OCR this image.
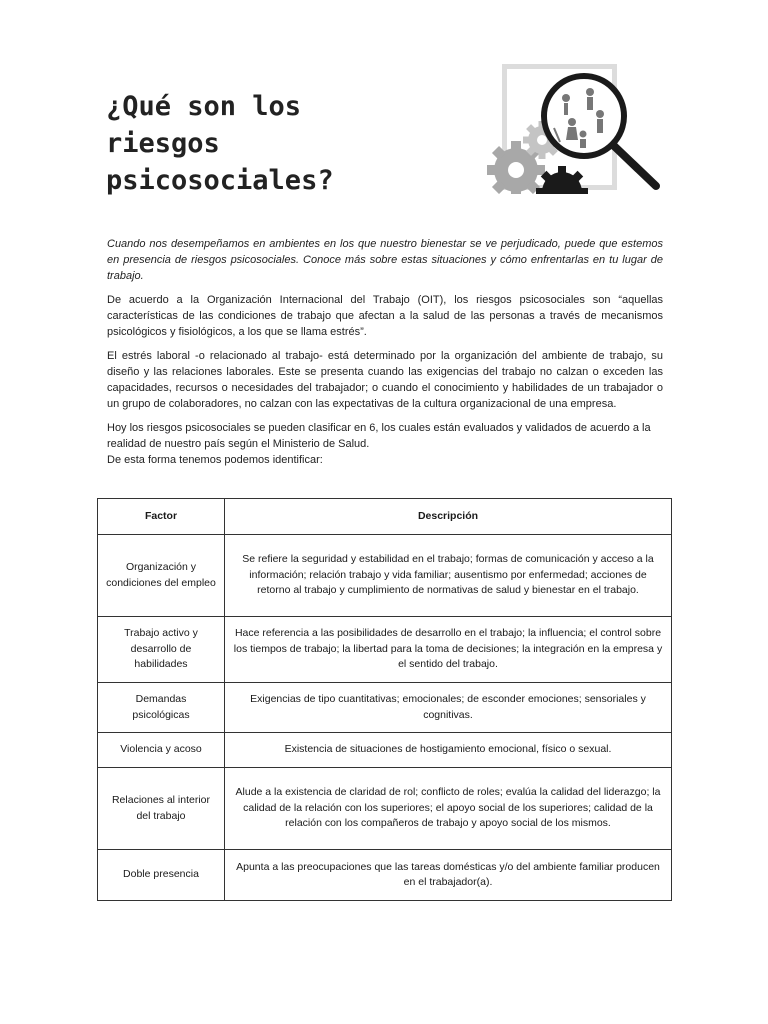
¿Qué son los
riesgos
psicosociales?

Cuando nos desempeñamos en ambientes en los que nuestro bienestar se ve perjudicado, puede que estemos en presencia de riesgos psicosociales. Conoce más sobre estas situaciones y cómo enfrentarlas en tu lugar de trabajo.

De acuerdo a la Organización Internacional del Trabajo (OIT), los riesgos psicosociales son “aquellas características de las condiciones de trabajo que afectan a la salud de las personas a través de mecanismos psicológicos y fisiológicos, a los que se llama estrés”.

El estrés laboral -o relacionado al trabajo- está determinado por la organización del ambiente de trabajo, su diseño y las relaciones laborales. Este se presenta cuando las exigencias del trabajo no calzan o exceden las capacidades, recursos o necesidades del trabajador; o cuando el conocimiento y habilidades de un trabajador o un grupo de colaboradores, no calzan con las expectativas de la cultura organizacional de una empresa.

Hoy los riesgos psicosociales se pueden clasificar en 6, los cuales están evaluados y validados de acuerdo a la realidad de nuestro país según el Ministerio de Salud.
De esta forma tenemos podemos identificar:

Factor	Descripción
Organización y condiciones del empleo	Se refiere la seguridad y estabilidad en el trabajo; formas de comunicación y acceso a la información; relación trabajo y vida familiar; ausentismo por enfermedad; acciones de retorno al trabajo y cumplimiento de normativas de salud y bienestar en el trabajo.
Trabajo activo y desarrollo de habilidades	Hace referencia a las posibilidades de desarrollo en el trabajo; la influencia; el control sobre los tiempos de trabajo; la libertad para la toma de decisiones; la integración en la empresa y el sentido del trabajo.
Demandas psicológicas	Exigencias de tipo cuantitativas; emocionales; de esconder emociones; sensoriales y cognitivas.
Violencia y acoso	Existencia de situaciones de hostigamiento emocional, físico o sexual.
Relaciones al interior del trabajo	Alude a la existencia de claridad de rol; conflicto de roles; evalúa la calidad del liderazgo; la calidad de la relación con los superiores; el apoyo social de los superiores; calidad de la relación con los compañeros de trabajo y apoyo social de los mismos.
Doble presencia	Apunta a las preocupaciones que las tareas domésticas y/o del ambiente familiar producen en el trabajador(a).
